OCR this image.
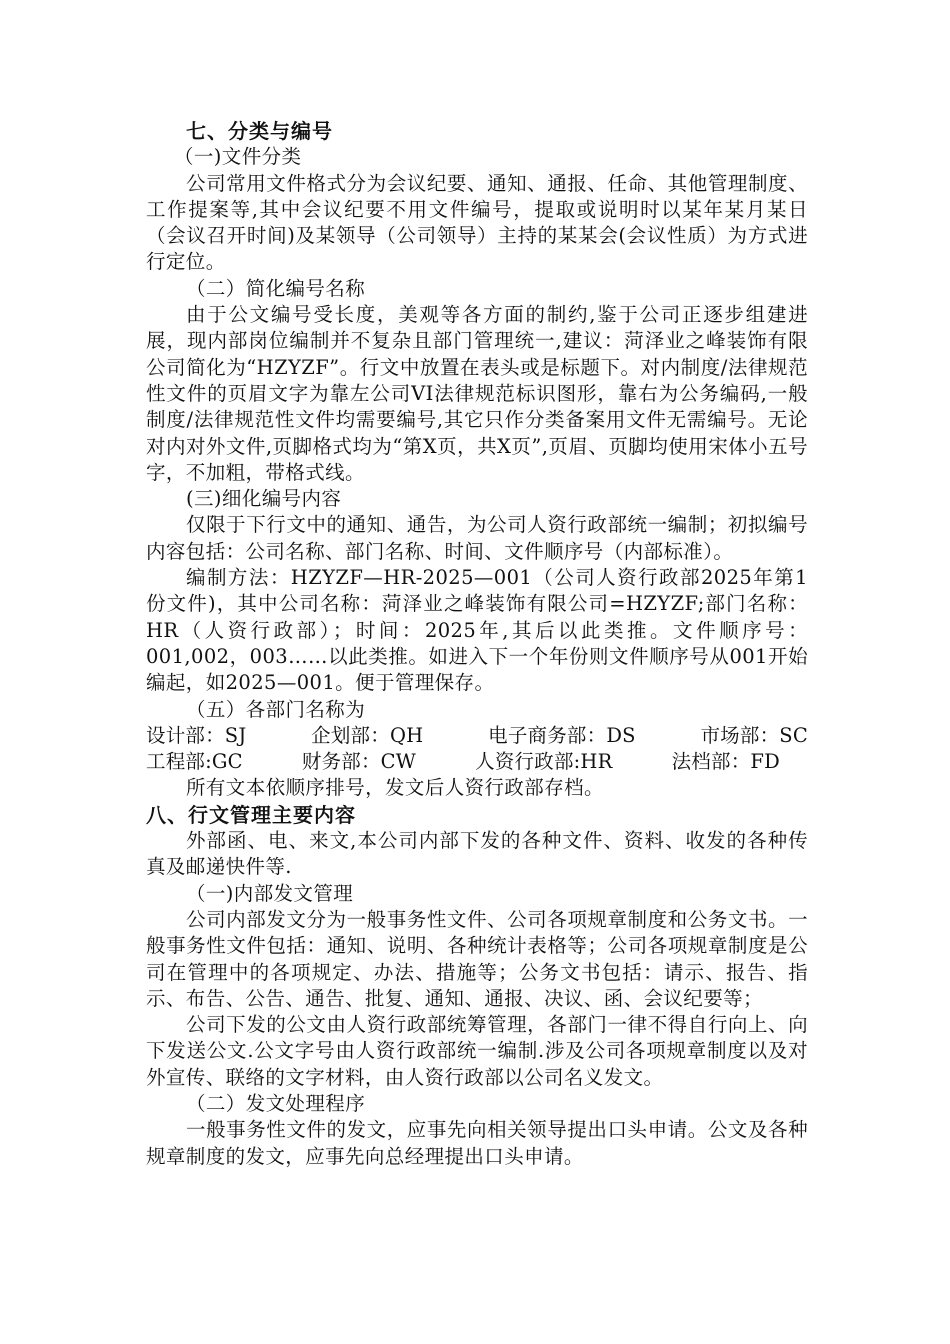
七、分类与编号

（一)文件分类

公司常用文件格式分为会议纪要、通知、通报、任命、其他管理制度、工作提案等,其中会议纪要不用文件编号，提取或说明时以某年某月某日（会议召开时间)及某领导（公司领导）主持的某某会(会议性质）为方式进行定位。

（二）简化编号名称

由于公文编号受长度，美观等各方面的制约,鉴于公司正逐步组建进展，现内部岗位编制并不复杂且部门管理统一,建议：菏泽业之峰装饰有限公司简化为“HZYZF”。行文中放置在表头或是标题下。对内制度/法律规范性文件的页眉文字为靠左公司VI法律规范标识图形，靠右为公务编码,一般制度/法律规范性文件均需要编号,其它只作分类备案用文件无需编号。无论对内对外文件,页脚格式均为“第X页，共X页”,页眉、页脚均使用宋体小五号字，不加粗，带格式线。

(三)细化编号内容

仅限于下行文中的通知、通告，为公司人资行政部统一编制；初拟编号内容包括：公司名称、部门名称、时间、文件顺序号（内部标准）。

编制方法：HZYZF—HR-2025—001（公司人资行政部2025年第1份文件)，其中公司名称：菏泽业之峰装饰有限公司=HZYZF;部门名称：HR（人资行政部）；时间：2025年,其后以此类推。文件顺序号：001,002，003……以此类推。如进入下一个年份则文件顺序号从001开始编起，如2025—001。便于管理保存。

（五）各部门名称为

设计部：SJ	企划部：QH	电子商务部：DS	市场部：SC
工程部:GC	财务部：CW	人资行政部:HR	法档部：FD

所有文本依顺序排号，发文后人资行政部存档。

八、行文管理主要内容

外部函、电、来文,本公司内部下发的各种文件、资料、收发的各种传真及邮递快件等.

（一)内部发文管理

公司内部发文分为一般事务性文件、公司各项规章制度和公务文书。一般事务性文件包括：通知、说明、各种统计表格等；公司各项规章制度是公司在管理中的各项规定、办法、措施等；公务文书包括：请示、报告、指示、布告、公告、通告、批复、通知、通报、决议、函、会议纪要等；

公司下发的公文由人资行政部统筹管理，各部门一律不得自行向上、向下发送公文.公文字号由人资行政部统一编制.涉及公司各项规章制度以及对外宣传、联络的文字材料，由人资行政部以公司名义发文。

（二）发文处理程序

一般事务性文件的发文，应事先向相关领导提出口头申请。公文及各种规章制度的发文，应事先向总经理提出口头申请。
